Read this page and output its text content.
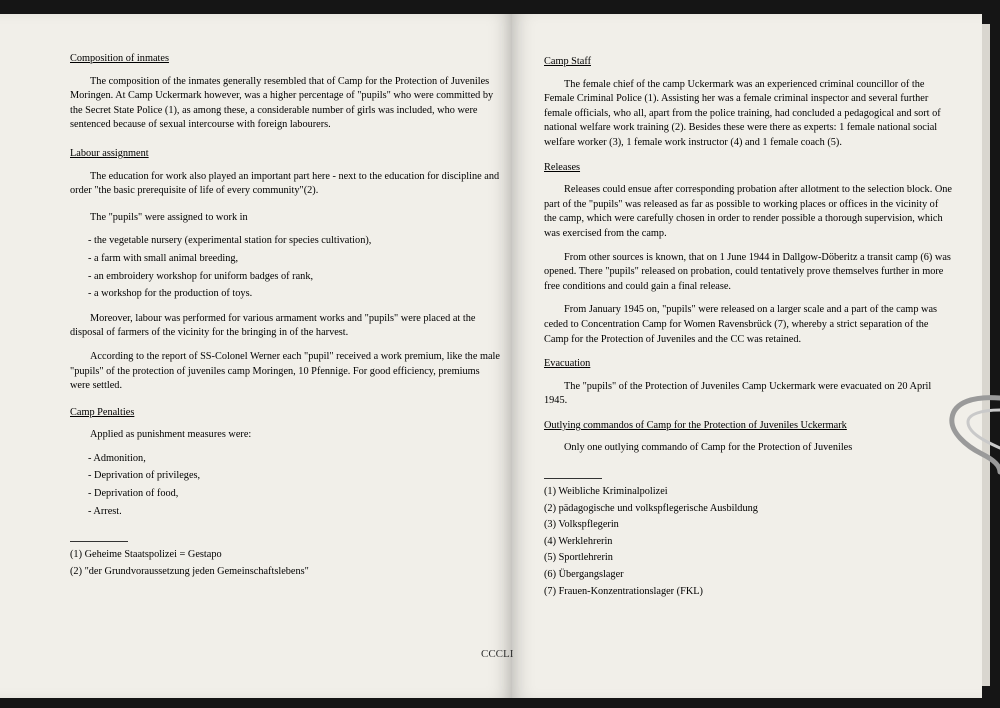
Composition of inmates

The composition of the inmates generally resembled that of Camp for the Protection of Juveniles Moringen. At Camp Uckermark however, was a higher percentage of "pupils" who were committed by the Secret State Police (1), as among these, a considerable number of girls was included, who were sentenced because of sexual intercourse with foreign labourers.

Labour assignment

The education for work also played an important part here - next to the education for discipline and order "the basic prerequisite of life of every community"(2).

The "pupils" were assigned to work in

- the vegetable nursery (experimental station for species cultivation),
- a farm with small animal breeding,
- an embroidery workshop for uniform badges of rank,
- a workshop for the production of toys.

Moreover, labour was performed for various armament works and "pupils" were placed at the disposal of farmers of the vicinity for the bringing in of the harvest.

According to the report of SS-Colonel Werner each "pupil" received a work premium, like the male "pupils" of the protection of juveniles camp Moringen, 10 Pfennige. For good efficiency, premiums were settled.

Camp Penalties

Applied as punishment measures were:

- Admonition,
- Deprivation of privileges,
- Deprivation of food,
- Arrest.
(1) Geheime Staatspolizei = Gestapo
(2) "der Grundvoraussetzung jeden Gemeinschaftslebens"
Camp Staff

The female chief of the camp Uckermark was an experienced criminal councillor of the Female Criminal Police (1). Assisting her was a female criminal inspector and several further female officials, who all, apart from the police training, had concluded a pedagogical and sort of national welfare work training (2). Besides these were there as experts: 1 female national social welfare worker (3), 1 female work instructor (4) and 1 female coach (5).

Releases

Releases could ensue after corresponding probation after allotment to the selection block. One part of the "pupils" was released as far as possible to working places or offices in the vicinity of the camp, which were carefully chosen in order to render possible a thorough supervision, which was exercised from the camp.

From other sources is known, that on 1 June 1944 in Dallgow-Döberitz a transit camp (6) was opened. There "pupils" released on probation, could tentatively prove themselves further in more free conditions and could gain a final release.

From January 1945 on, "pupils" were released on a larger scale and a part of the camp was ceded to Concentration Camp for Women Ravensbrück (7), whereby a strict separation of the Camp for the Protection of Juveniles and the CC was retained.

Evacuation

The "pupils" of the Protection of Juveniles Camp Uckermark were evacuated on 20 April 1945.

Outlying commandos of Camp for the Protection of Juveniles Uckermark

Only one outlying commando of Camp for the Protection of Juveniles

(1) Weibliche Kriminalpolizei
(2) pädagogische und volkspflegerische Ausbildung
(3) Volkspflegerin
(4) Werklehrerin
(5) Sportlehrerin
(6) Übergangslager
(7) Frauen-Konzentrationslager (FKL)
CCCLI
